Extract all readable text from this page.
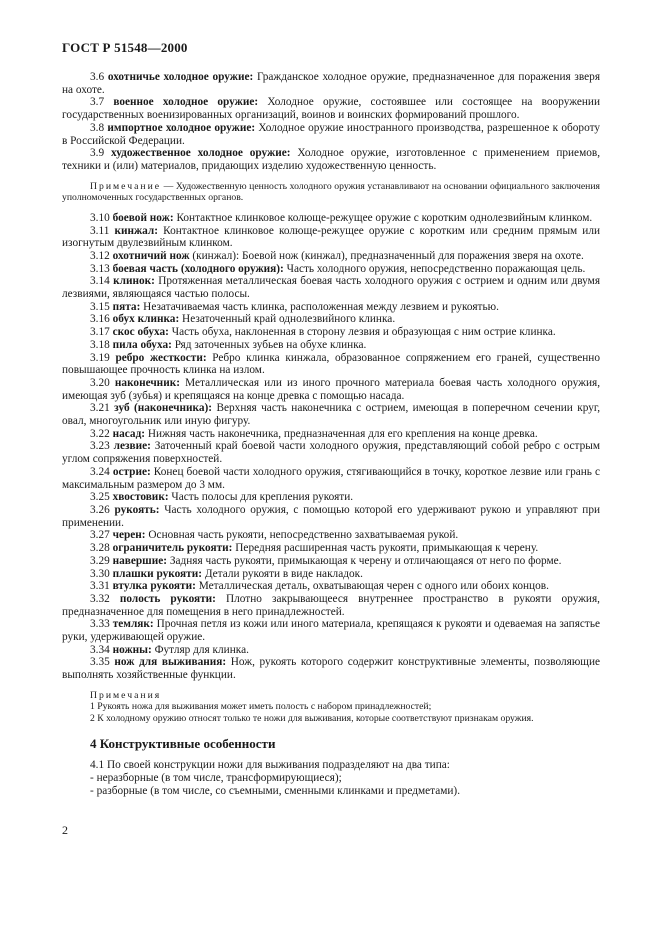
ГОСТ Р 51548—2000

3.6 охотничье холодное оружие: Гражданское холодное оружие, предназначенное для поражения зверя на охоте.

3.7 военное холодное оружие: Холодное оружие, состоявшее или состоящее на вооружении государственных военизированных организаций, воинов и воинских формирований прошлого.

3.8 импортное холодное оружие: Холодное оружие иностранного производства, разрешенное к обороту в Российской Федерации.

3.9 художественное холодное оружие: Холодное оружие, изготовленное с применением приемов, техники и (или) материалов, придающих изделию художественную ценность.

Примечание — Художественную ценность холодного оружия устанавливают на основании официального заключения уполномоченных государственных органов.

3.10 боевой нож: Контактное клинковое колюще-режущее оружие с коротким однолезвийным клинком.

3.11 кинжал: Контактное клинковое колюще-режущее оружие с коротким или средним прямым или изогнутым двулезвийным клинком.

3.12 охотничий нож (кинжал): Боевой нож (кинжал), предназначенный для поражения зверя на охоте.

3.13 боевая часть (холодного оружия): Часть холодного оружия, непосредственно поражающая цель.

3.14 клинок: Протяженная металлическая боевая часть холодного оружия с острием и одним или двумя лезвиями, являющаяся частью полосы.

3.15 пята: Незатачиваемая часть клинка, расположенная между лезвием и рукоятью.

3.16 обух клинка: Незаточенный край однолезвийного клинка.

3.17 скос обуха: Часть обуха, наклоненная в сторону лезвия и образующая с ним острие клинка.

3.18 пила обуха: Ряд заточенных зубьев на обухе клинка.

3.19 ребро жесткости: Ребро клинка кинжала, образованное сопряжением его граней, существенно повышающее прочность клинка на излом.

3.20 наконечник: Металлическая или из иного прочного материала боевая часть холодного оружия, имеющая зуб (зубья) и крепящаяся на конце древка с помощью насада.

3.21 зуб (наконечника): Верхняя часть наконечника с острием, имеющая в поперечном сечении круг, овал, многоугольник или иную фигуру.

3.22 насад: Нижняя часть наконечника, предназначенная для его крепления на конце древка.

3.23 лезвие: Заточенный край боевой части холодного оружия, представляющий собой ребро с острым углом сопряжения поверхностей.

3.24 острие: Конец боевой части холодного оружия, стягивающийся в точку, короткое лезвие или грань с максимальным размером до 3 мм.

3.25 хвостовик: Часть полосы для крепления рукояти.

3.26 рукоять: Часть холодного оружия, с помощью которой его удерживают рукою и управляют при применении.

3.27 черен: Основная часть рукояти, непосредственно захватываемая рукой.

3.28 ограничитель рукояти: Передняя расширенная часть рукояти, примыкающая к черену.

3.29 навершие: Задняя часть рукояти, примыкающая к черену и отличающаяся от него по форме.

3.30 плашки рукояти: Детали рукояти в виде накладок.

3.31 втулка рукояти: Металлическая деталь, охватывающая черен с одного или обоих концов.

3.32 полость рукояти: Плотно закрывающееся внутреннее пространство в рукояти оружия, предназначенное для помещения в него принадлежностей.

3.33 темляк: Прочная петля из кожи или иного материала, крепящаяся к рукояти и одеваемая на запястье руки, удерживающей оружие.

3.34 ножны: Футляр для клинка.

3.35 нож для выживания: Нож, рукоять которого содержит конструктивные элементы, позволяющие выполнять хозяйственные функции.

Примечания

1 Рукоять ножа для выживания может иметь полость с набором принадлежностей;

2 К холодному оружию относят только те ножи для выживания, которые соответствуют признакам оружия.

4 Конструктивные особенности

4.1 По своей конструкции ножи для выживания подразделяют на два типа:

- неразборные (в том числе, трансформирующиеся);

- разборные (в том числе, со съемными, сменными клинками и предметами).

2
